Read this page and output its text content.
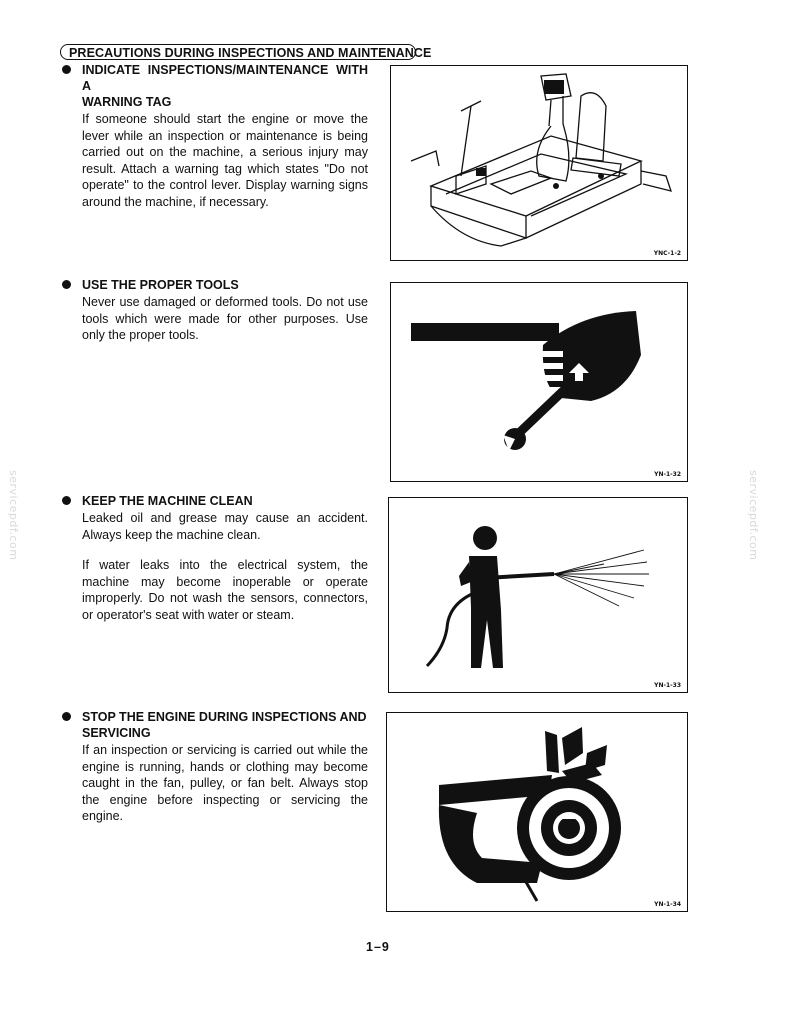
PRECAUTIONS DURING INSPECTIONS AND MAINTENANCE
INDICATE INSPECTIONS/MAINTENANCE WITH A
WARNING TAG

If someone should start the engine or move the lever while an inspection or maintenance is being carried out on the machine, a serious injury may result. Attach a warning tag which states "Do not operate" to the control lever. Display warning signs around the machine, if necessary.

USE THE PROPER TOOLS

Never use damaged or deformed tools. Do not use tools which were made for other purposes. Use only the proper tools.

KEEP THE MACHINE CLEAN

Leaked oil and grease may cause an accident. Always keep the machine clean.

If water leaks into the electrical system, the machine may become inoperable or operate improperly. Do not wash the sensors, connectors, or operator's seat with water or steam.

STOP THE ENGINE DURING INSPECTIONS AND
SERVICING

If an inspection or servicing is carried out while the engine is running, hands or clothing may become caught in the fan, pulley, or fan belt. Always stop the engine before inspecting or servicing the engine.

YNC-1-2
YN-1-32
YN-1-33
YN-1-34
1–9
servicepdf.com	servicepdf.com
